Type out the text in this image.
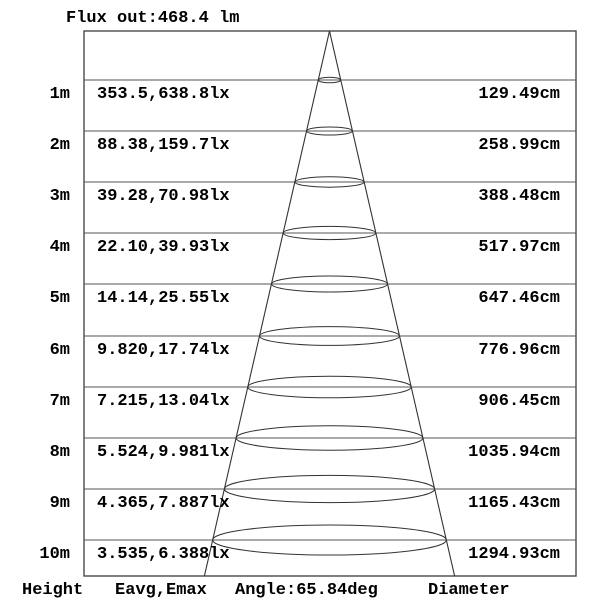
Flux out:468.4 lm
1m 353.5,638.8lx	129.49cm
2m 88.38,159.7lx	258.99cm
3m 39.28,70.98lx	388.48cm
4m 22.10,39.93lx	517.97cm
5m 14.14,25.55lx	647.46cm
6m 9.820,17.74lx	776.96cm
7m 7.215,13.04lx	906.45cm
8m 5.524,9.981lx	1035.94cm
9m 4.365,7.887lx	1165.43cm
10m 3.535,6.388lx	1294.93cm
Height Eavg,Emax Angle:65.84deg	Diameter
